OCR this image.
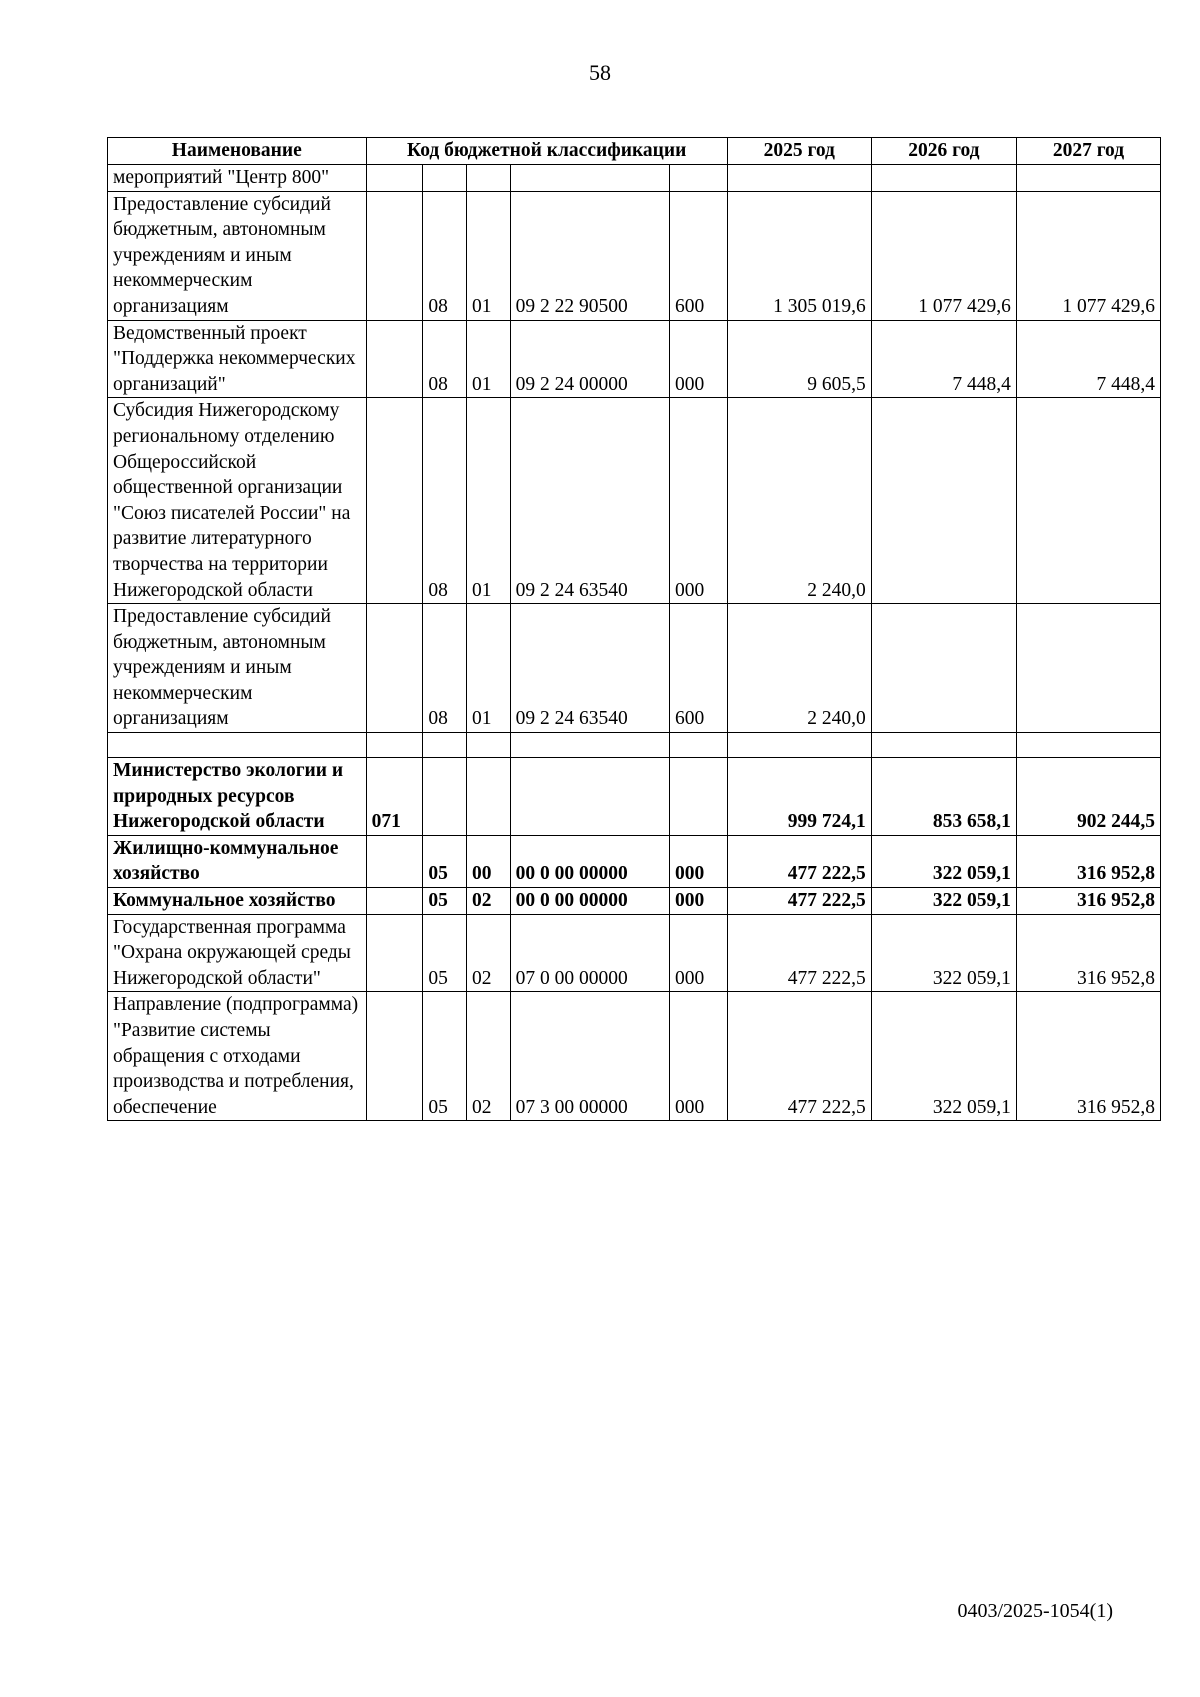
58
Наименование	Код бюджетной классификации					2025 год	2026 год	2027 год
мероприятий "Центр 800"								
Предоставление субсидий бюджетным, автономным учреждениям и иным некоммерческим организациям		08	01	09 2 22 90500	600	1 305 019,6	1 077 429,6	1 077 429,6
Ведомственный проект "Поддержка некоммерческих организаций"		08	01	09 2 24 00000	000	9 605,5	7 448,4	7 448,4
Субсидия Нижегородскому региональному отделению Общероссийской общественной организации "Союз писателей России" на развитие литературного творчества на территории Нижегородской области		08	01	09 2 24 63540	000	2 240,0		
Предоставление субсидий бюджетным, автономным учреждениям и иным некоммерческим организациям		08	01	09 2 24 63540	600	2 240,0		

Министерство экологии и природных ресурсов Нижегородской области	071					999 724,1	853 658,1	902 244,5
Жилищно-коммунальное хозяйство		05	00	00 0 00 00000	000	477 222,5	322 059,1	316 952,8
Коммунальное хозяйство		05	02	00 0 00 00000	000	477 222,5	322 059,1	316 952,8
Государственная программа "Охрана окружающей среды Нижегородской области"		05	02	07 0 00 00000	000	477 222,5	322 059,1	316 952,8
Направление (подпрограмма) "Развитие системы обращения с отходами производства и потребления, обеспечение		05	02	07 3 00 00000	000	477 222,5	322 059,1	316 952,8
0403/2025-1054(1)
